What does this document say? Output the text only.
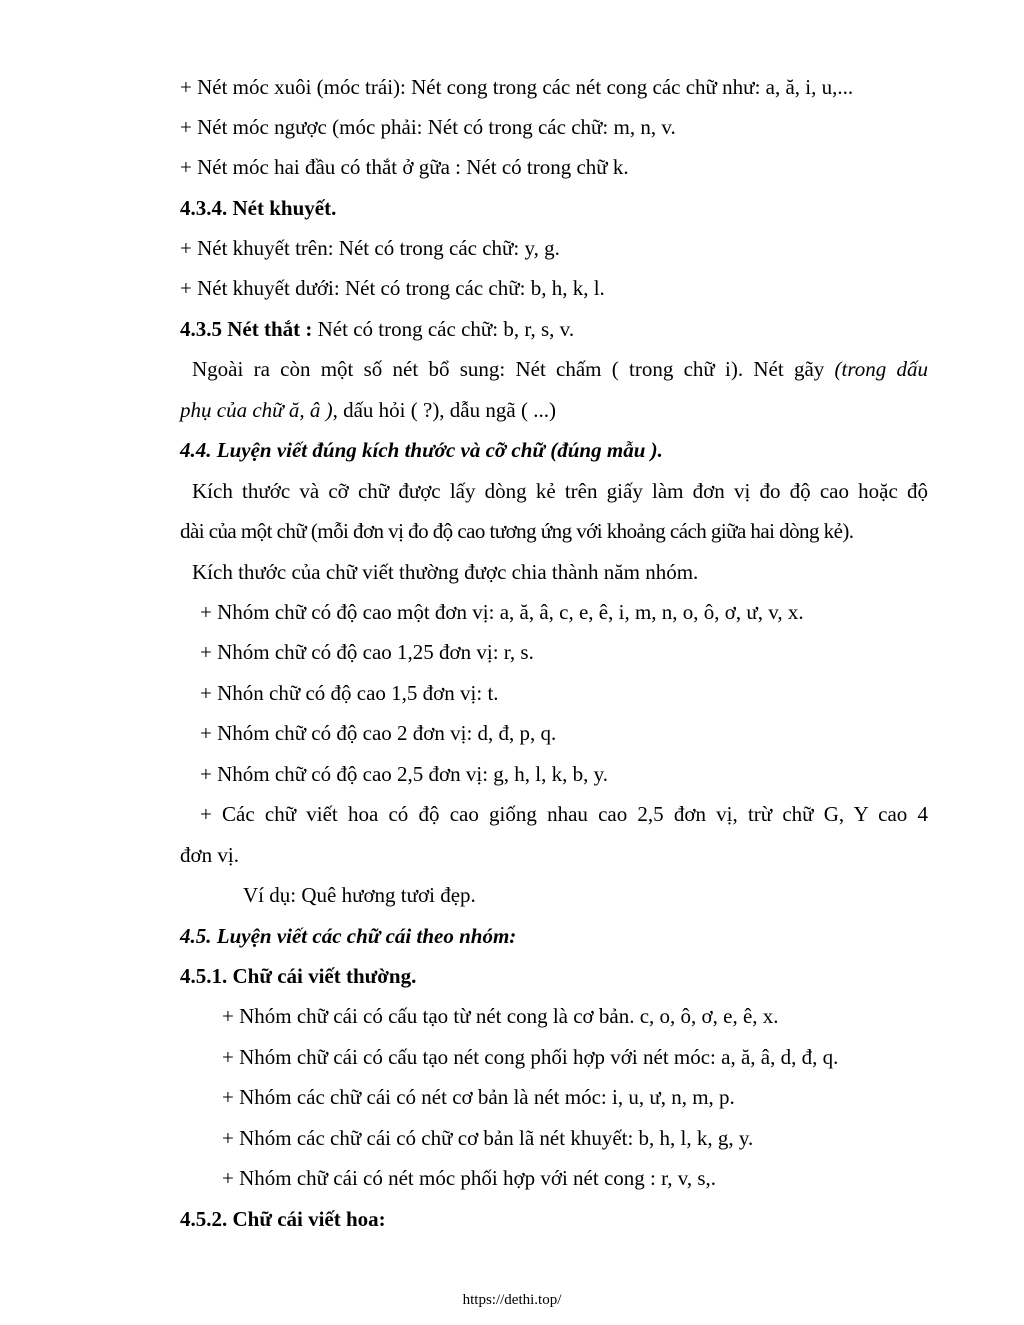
+ Nét móc xuôi (móc trái): Nét cong trong các nét cong các chữ như: a, ă, i, u,...
+ Nét móc ngược (móc phải: Nét có trong các chữ: m, n, v.
+ Nét móc hai đầu có thắt ở gữa : Nét có trong chữ k.
4.3.4. Nét khuyết.
+ Nét khuyết trên: Nét có trong các chữ: y, g.
+ Nét khuyết dưới: Nét có trong các chữ: b, h, k, l.
4.3.5 Nét thắt : Nét có trong các chữ: b, r, s, v.
Ngoài ra còn một số nét bổ sung: Nét chấm ( trong chữ i). Nét gãy (trong dấu
phụ của chữ ă, â ), dấu hỏi ( ?), dẫu ngã ( ...)
4.4. Luyện viết đúng kích thước và cỡ chữ (đúng mẫu ).
Kích thước và cỡ chữ được lấy dòng kẻ trên giấy làm đơn vị đo độ cao hoặc độ
dài của một chữ (mỗi đơn vị đo độ cao tương ứng với khoảng cách giữa hai dòng kẻ).
Kích thước của chữ viết thường được chia thành năm nhóm.
+ Nhóm chữ có độ cao một đơn vị: a, ă, â, c, e, ê, i, m, n, o, ô, ơ, ư, v, x.
+ Nhóm chữ có độ cao 1,25 đơn vị: r, s.
+ Nhón chữ có độ cao 1,5 đơn vị: t.
+ Nhóm chữ có độ cao 2 đơn vị: d, đ, p, q.
+ Nhóm chữ có độ cao 2,5 đơn vị: g, h, l, k, b, y.
+ Các chữ viết hoa có độ cao giống nhau cao 2,5 đơn vị, trừ chữ G, Y cao 4
đơn vị.
Ví dụ: Quê hương tươi đẹp.
4.5. Luyện viết các chữ cái theo nhóm:
4.5.1. Chữ cái viết thường.
+ Nhóm chữ cái có cấu tạo từ nét cong là cơ bản. c, o, ô, ơ, e, ê, x.
+ Nhóm chữ cái có cấu tạo nét cong phối hợp với nét móc: a, ă, â, d, đ, q.
+ Nhóm các chữ cái có nét cơ bản là nét móc: i, u, ư, n, m, p.
+ Nhóm các chữ cái có chữ cơ bản lã nét khuyết: b, h, l, k, g, y.
+ Nhóm chữ cái có nét móc phối hợp với nét cong : r, v, s,.
4.5.2. Chữ cái viết hoa:
https://dethi.top/
